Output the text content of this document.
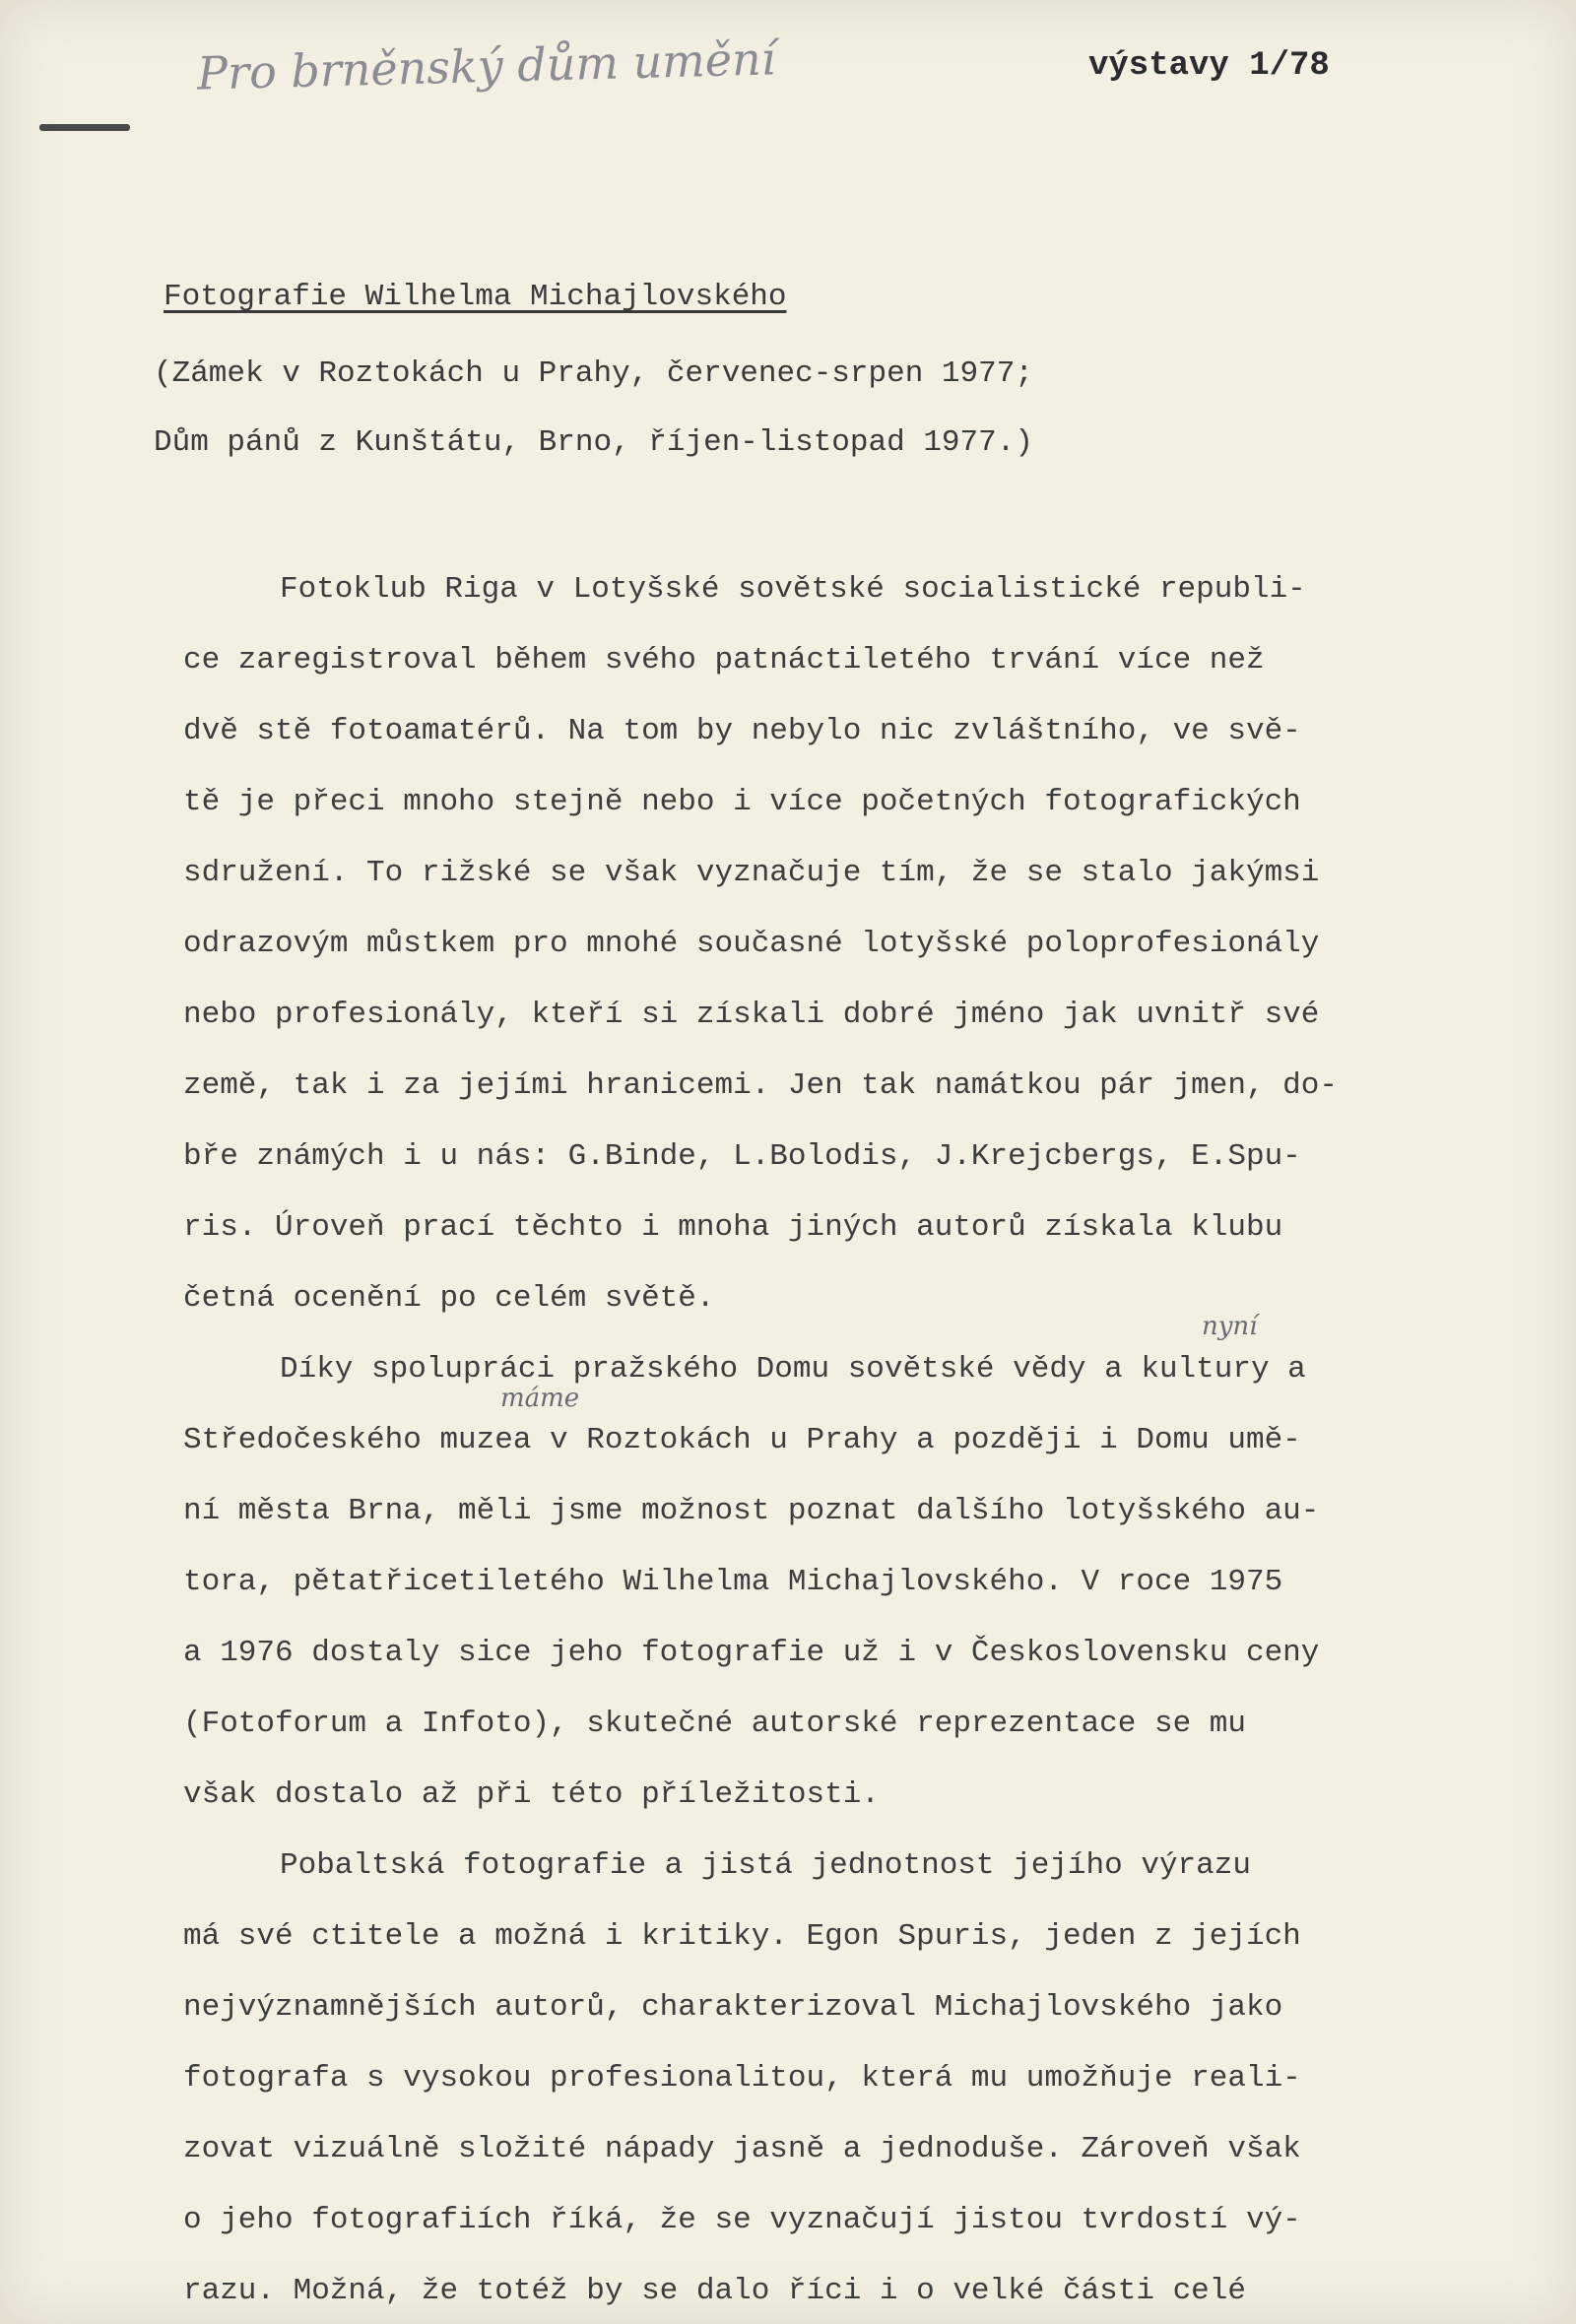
Pro brněnský dům umění	výstavy 1/78
Fotografie Wilhelma Michajlovského
(Zámek v Roztokách u Prahy, červenec-srpen 1977;
Dům pánů z Kunštátu, Brno, říjen-listopad 1977.)
nyní
máme
Fotoklub Riga v Lotyšské sovětské socialistické republi-
ce zaregistroval během svého patnáctiletého trvání více než
dvě stě fotoamatérů. Na tom by nebylo nic zvláštního, ve svě-
tě je přeci mnoho stejně nebo i více početných fotografických
sdružení. To rižské se však vyznačuje tím, že se stalo jakýmsi
odrazovým můstkem pro mnohé současné lotyšské poloprofesionály
nebo profesionály, kteří si získali dobré jméno jak uvnitř své
země, tak i za jejími hranicemi. Jen tak namátkou pár jmen, do-
bře známých i u nás: G.Binde, L.Bolodis, J.Krejcbergs, E.Spu-
ris. Úroveň prací těchto i mnoha jiných autorů získala klubu
četná ocenění po celém světě.
Díky spolupráci pražského Domu sovětské vědy a kultury a
Středočeského muzea v Roztokách u Prahy a později i Domu umě-
ní města Brna, měli jsme možnost poznat dalšího lotyšského au-
tora, pětatřicetiletého Wilhelma Michajlovského. V roce 1975
a 1976 dostaly sice jeho fotografie už i v Československu ceny
(Fotoforum a Infoto), skutečné autorské reprezentace se mu
však dostalo až při této příležitosti.
Pobaltská fotografie a jistá jednotnost jejího výrazu
má své ctitele a možná i kritiky. Egon Spuris, jeden z jejích
nejvýznamnějších autorů, charakterizoval Michajlovského jako
fotografa s vysokou profesionalitou, která mu umožňuje reali-
zovat vizuálně složité nápady jasně a jednoduše. Zároveň však
o jeho fotografiích říká, že se vyznačují jistou tvrdostí vý-
razu. Možná, že totéž by se dalo říci i o velké části celé
